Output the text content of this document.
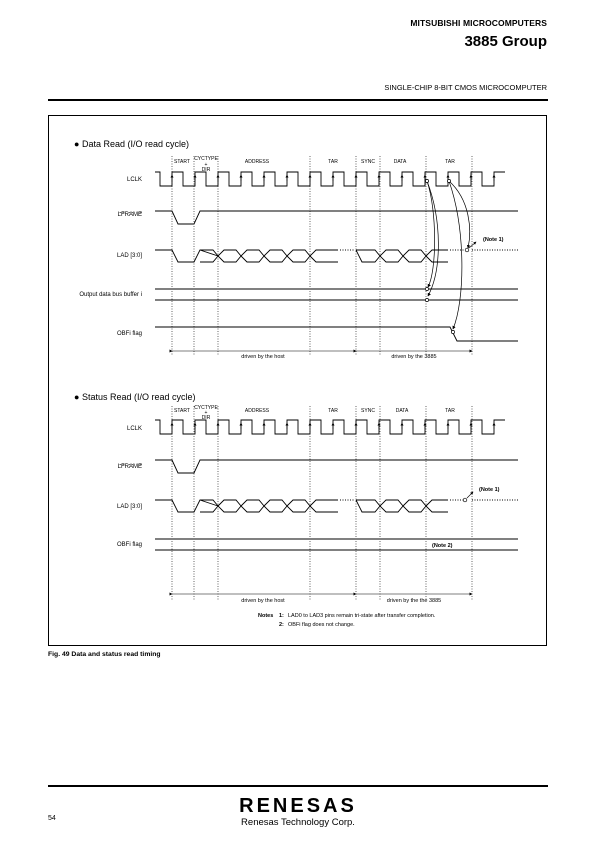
MITSUBISHI MICROCOMPUTERS
3885 Group
SINGLE-CHIP 8-BIT CMOS MICROCOMPUTER
● Data Read (I/O read cycle)
START CYCTYPE
+
DIR
ADDRESS	TAR	SYNC	DATA	TAR
LCLK
LFRAME
LAD [3:0]
Output data bus buffer i
OBFi flag
(Note 1)
driven by the host	driven by the 3885
● Status Read (I/O read cycle)
START CYCTYPE
+
DIR
ADDRESS	TAR	SYNC	DATA	TAR
LCLK
LFRAME
LAD [3:0]
OBFi flag
(Note 1)
(Note 2)
driven by the host	driven by the the 3885
Notes 1: LAD0 to LAD3 pins remain tri-state after transfer completion.
2: OBFi flag does not change.
Fig. 49 Data and status read timing
54
RENESAS
Renesas Technology Corp.
